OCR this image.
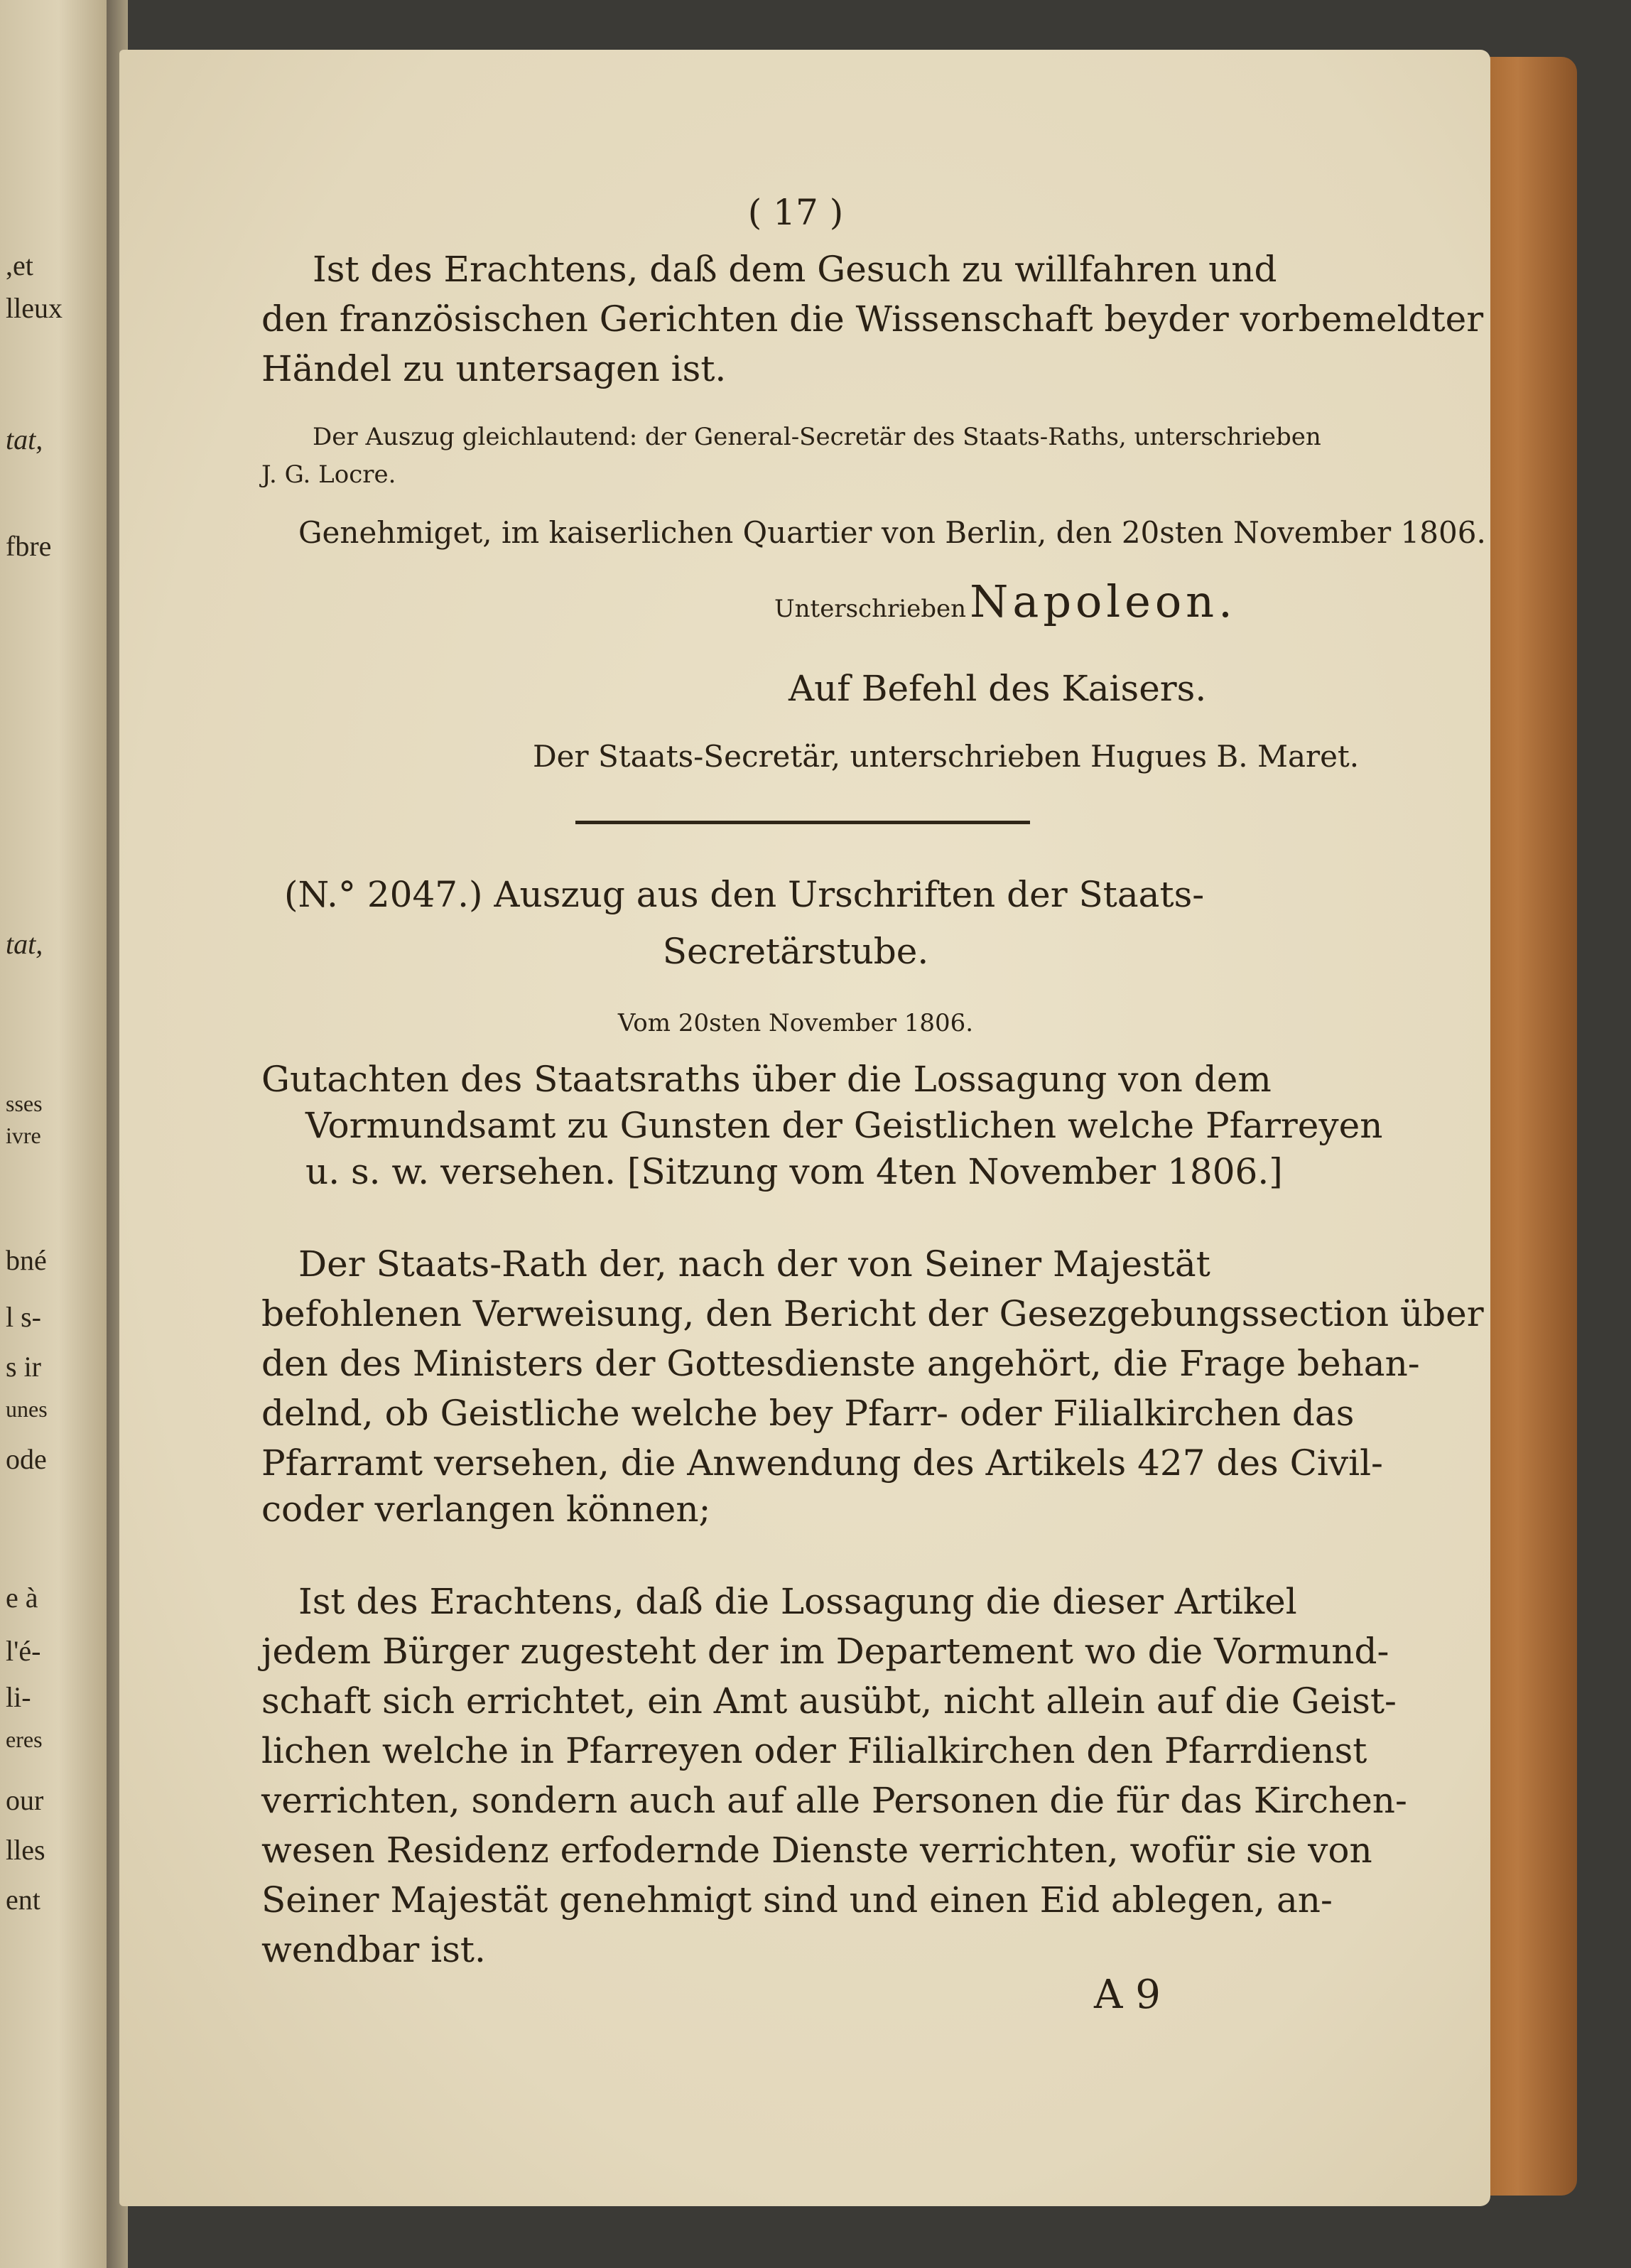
,et
lleux
tat,
fbre
tat,
sses
ivre
bné
l s-
s ir
unes
ode
e à
l'é-
li-
eres
our
lles
ent
( 17 )
Ist des Erachtens, daß dem Gesuch zu willfahren und
den französischen Gerichten die Wissenschaft beyder vorbemeldter
Händel zu untersagen ist.
Der Auszug gleichlautend: der General-Secretär des Staats-Raths, unterschrieben
J. G. Locre.
Genehmiget, im kaiserlichen Quartier von Berlin, den 20sten November 1806.
Unterschrieben Napoleon.
Auf Befehl des Kaisers.
Der Staats-Secretär, unterschrieben Hugues B. Maret.
(N.° 2047.) Auszug aus den Urschriften der Staats-
Secretärstube.
Vom 20sten November 1806.
Gutachten des Staatsraths über die Lossagung von dem
Vormundsamt zu Gunsten der Geistlichen welche Pfarreyen
u. s. w. versehen. [Sitzung vom 4ten November 1806.]
Der Staats-Rath der, nach der von Seiner Majestät
befohlenen Verweisung, den Bericht der Gesezgebungssection über
den des Ministers der Gottesdienste angehört, die Frage behan-
delnd, ob Geistliche welche bey Pfarr- oder Filialkirchen das
Pfarramt versehen, die Anwendung des Artikels 427 des Civil-
coder verlangen können;
Ist des Erachtens, daß die Lossagung die dieser Artikel
jedem Bürger zugesteht der im Departement wo die Vormund-
schaft sich errichtet, ein Amt ausübt, nicht allein auf die Geist-
lichen welche in Pfarreyen oder Filialkirchen den Pfarrdienst
verrichten, sondern auch auf alle Personen die für das Kirchen-
wesen Residenz erfodernde Dienste verrichten, wofür sie von
Seiner Majestät genehmigt sind und einen Eid ablegen, an-
wendbar ist.
A 9
